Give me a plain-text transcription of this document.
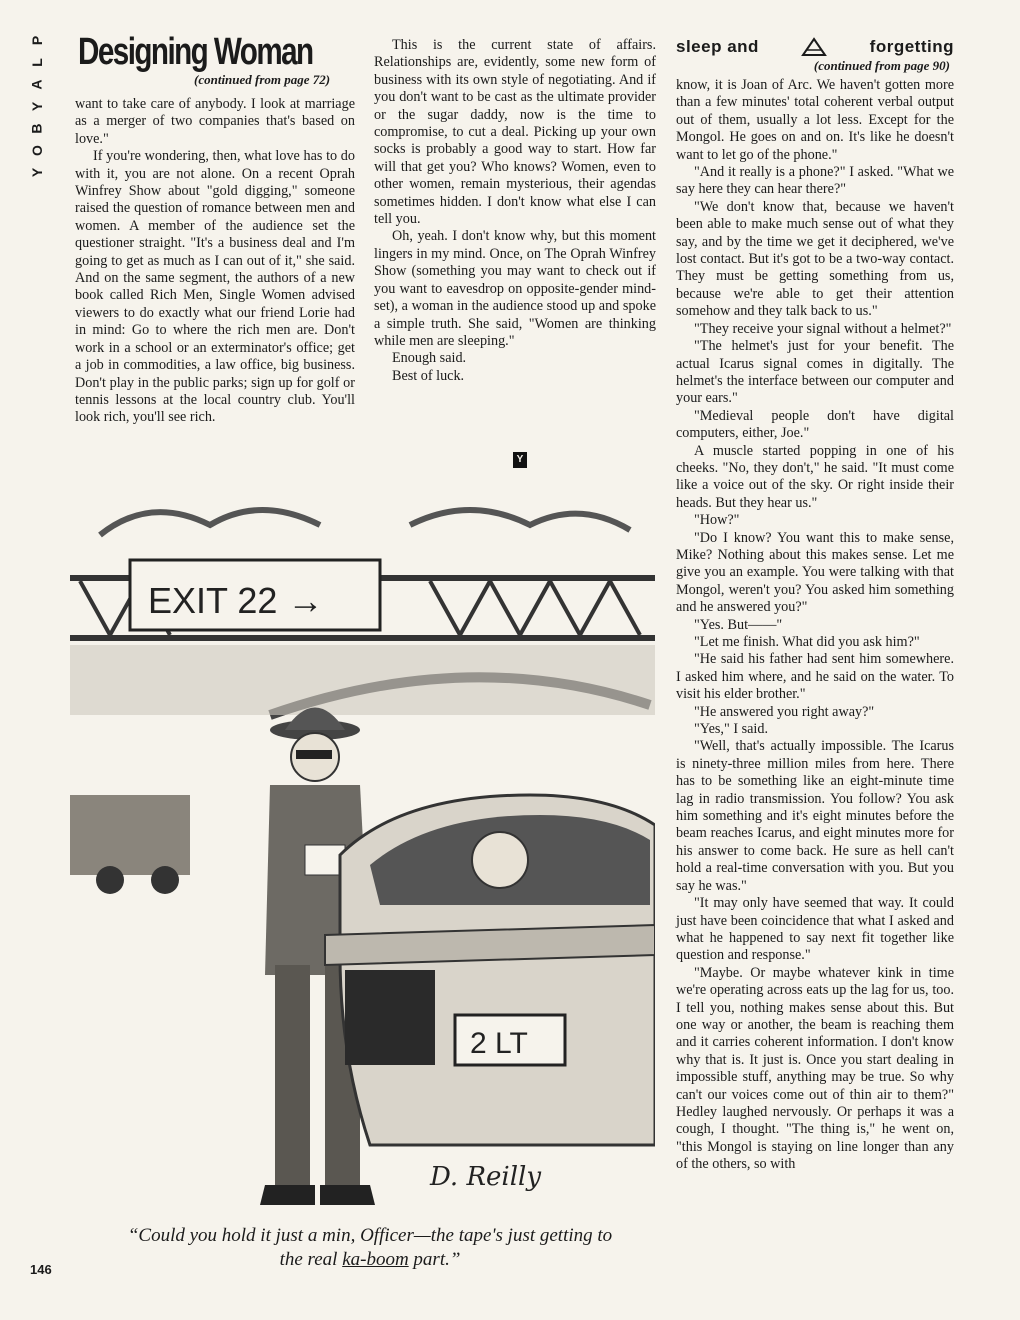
P
L
A
Y
B
O
Y
Designing Woman
(continued from page 72)

want to take care of anybody. I look at marriage as a merger of two companies that's based on love."

If you're wondering, then, what love has to do with it, you are not alone. On a recent Oprah Winfrey Show about "gold digging," someone raised the question of romance between men and women. A member of the audience set the questioner straight. "It's a business deal and I'm going to get as much as I can out of it," she said. And on the same segment, the authors of a new book called Rich Men, Single Women advised viewers to do exactly what our friend Lorie had in mind: Go to where the rich men are. Don't work in a school or an exterminator's office; get a job in commodities, a law office, big business. Don't play in the public parks; sign up for golf or tennis lessons at the local country club. You'll look rich, you'll see rich.

This is the current state of affairs. Relationships are, evidently, some new form of business with its own style of negotiating. And if you don't want to be cast as the ultimate provider or the sugar daddy, now is the time to compromise, to cut a deal. Picking up your own socks is probably a good way to start. How far will that get you? Who knows? Women, even to other women, remain mysterious, their agendas sometimes hidden. I don't know what else I can tell you.

Oh, yeah. I don't know why, but this moment lingers in my mind. Once, on The Oprah Winfrey Show (something you may want to check out if you want to eavesdrop on opposite-gender mind-set), a woman in the audience stood up and spoke a simple truth. She said, "Women are thinking while men are sleeping."

Enough said.

Best of luck.

Y
sleep and	forgetting
(continued from page 90)

know, it is Joan of Arc. We haven't gotten more than a few minutes' total coherent verbal output out of them, usually a lot less. Except for the Mongol. He goes on and on. It's like he doesn't want to let go of the phone."

"And it really is a phone?" I asked. "What we say here they can hear there?"

"We don't know that, because we haven't been able to make much sense out of what they say, and by the time we get it deciphered, we've lost contact. But it's got to be a two-way contact. They must be getting something from us, because we're able to get their attention somehow and they talk back to us."

"They receive your signal without a helmet?"

"The helmet's just for your benefit. The actual Icarus signal comes in digitally. The helmet's the interface between our computer and your ears."

"Medieval people don't have digital computers, either, Joe."

A muscle started popping in one of his cheeks. "No, they don't," he said. "It must come like a voice out of the sky. Or right inside their heads. But they hear us."

"How?"

"Do I know? You want this to make sense, Mike? Nothing about this makes sense. Let me give you an example. You were talking with that Mongol, weren't you? You asked him something and he answered you?"

"Yes. But——"

"Let me finish. What did you ask him?"

"He said his father had sent him somewhere. I asked him where, and he said on the water. To visit his elder brother."

"He answered you right away?"

"Yes," I said.

"Well, that's actually impossible. The Icarus is ninety-three million miles from here. There has to be something like an eight-minute time lag in radio transmission. You follow? You ask him something and it's eight minutes before the beam reaches Icarus, and eight minutes more for his answer to come back. He sure as hell can't hold a real-time conversation with you. But you say he was."

"It may only have seemed that way. It could just have been coincidence that what I asked and what he happened to say next fit together like question and response."

"Maybe. Or maybe whatever kink in time we're operating across eats up the lag for us, too. I tell you, nothing makes sense about this. But one way or another, the beam is reaching them and it carries coherent information. I don't know why that is. It just is. Once you start dealing in impossible stuff, anything may be true. So why can't our voices come out of thin air to them?" Hedley laughed nervously. Or perhaps it was a cough, I thought. "The thing is," he went on, "this Mongol is staying on line longer than any of the others, so with

EXIT 22 →
2 LT
D. Reilly
“Could you hold it just a min, Officer—the tape's just getting to the real ka-boom part.”
146
